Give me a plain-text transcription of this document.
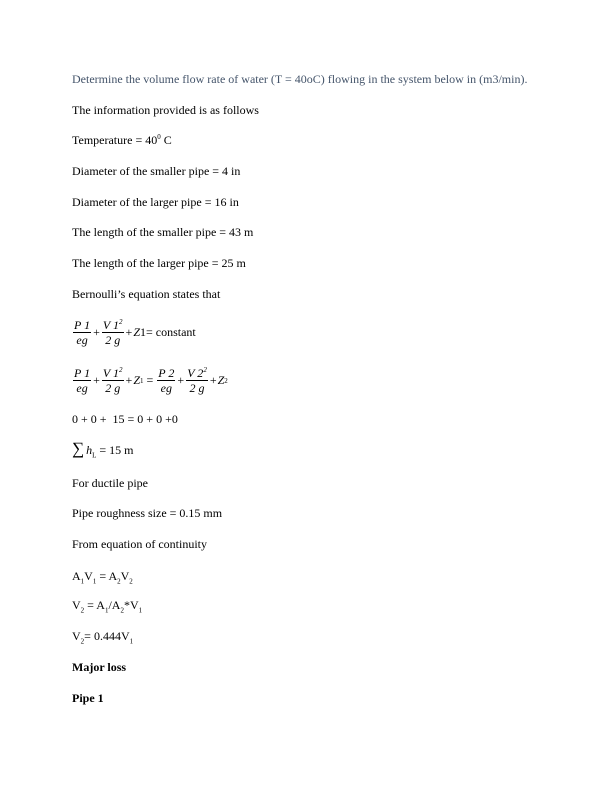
Determine the volume flow rate of water (T = 40oC) flowing in the system below in (m3/min).
The information provided is as follows
Temperature = $40^0$ C
Diameter of the smaller pipe = 4 in
Diameter of the larger pipe = 16 in
The length of the smaller pipe = 43 m
The length of the larger pipe = 25 m
Bernoulli’s equation states that
$\frac{P 1}{eg} + \frac{V 1^2}{2 g} + Z$ 1 = constant
$\frac{P 1}{eg} + \frac{V 1^2}{2 g} + Z$ $1 = \frac{P 2}{eg} + \frac{V 2^2}{2 g} + Z$ 2
0 + 0 +  15 = 0 + 0 +0
∑ $h_L = 15$ m
For ductile pipe
Pipe roughness size = 0.15 mm
From equation of continuity
$A_1V_1 = A_2V_2$
$V_2 = A_1/A_2*V_1$
$V_2= 0.444V_1$
Major loss
Pipe 1
